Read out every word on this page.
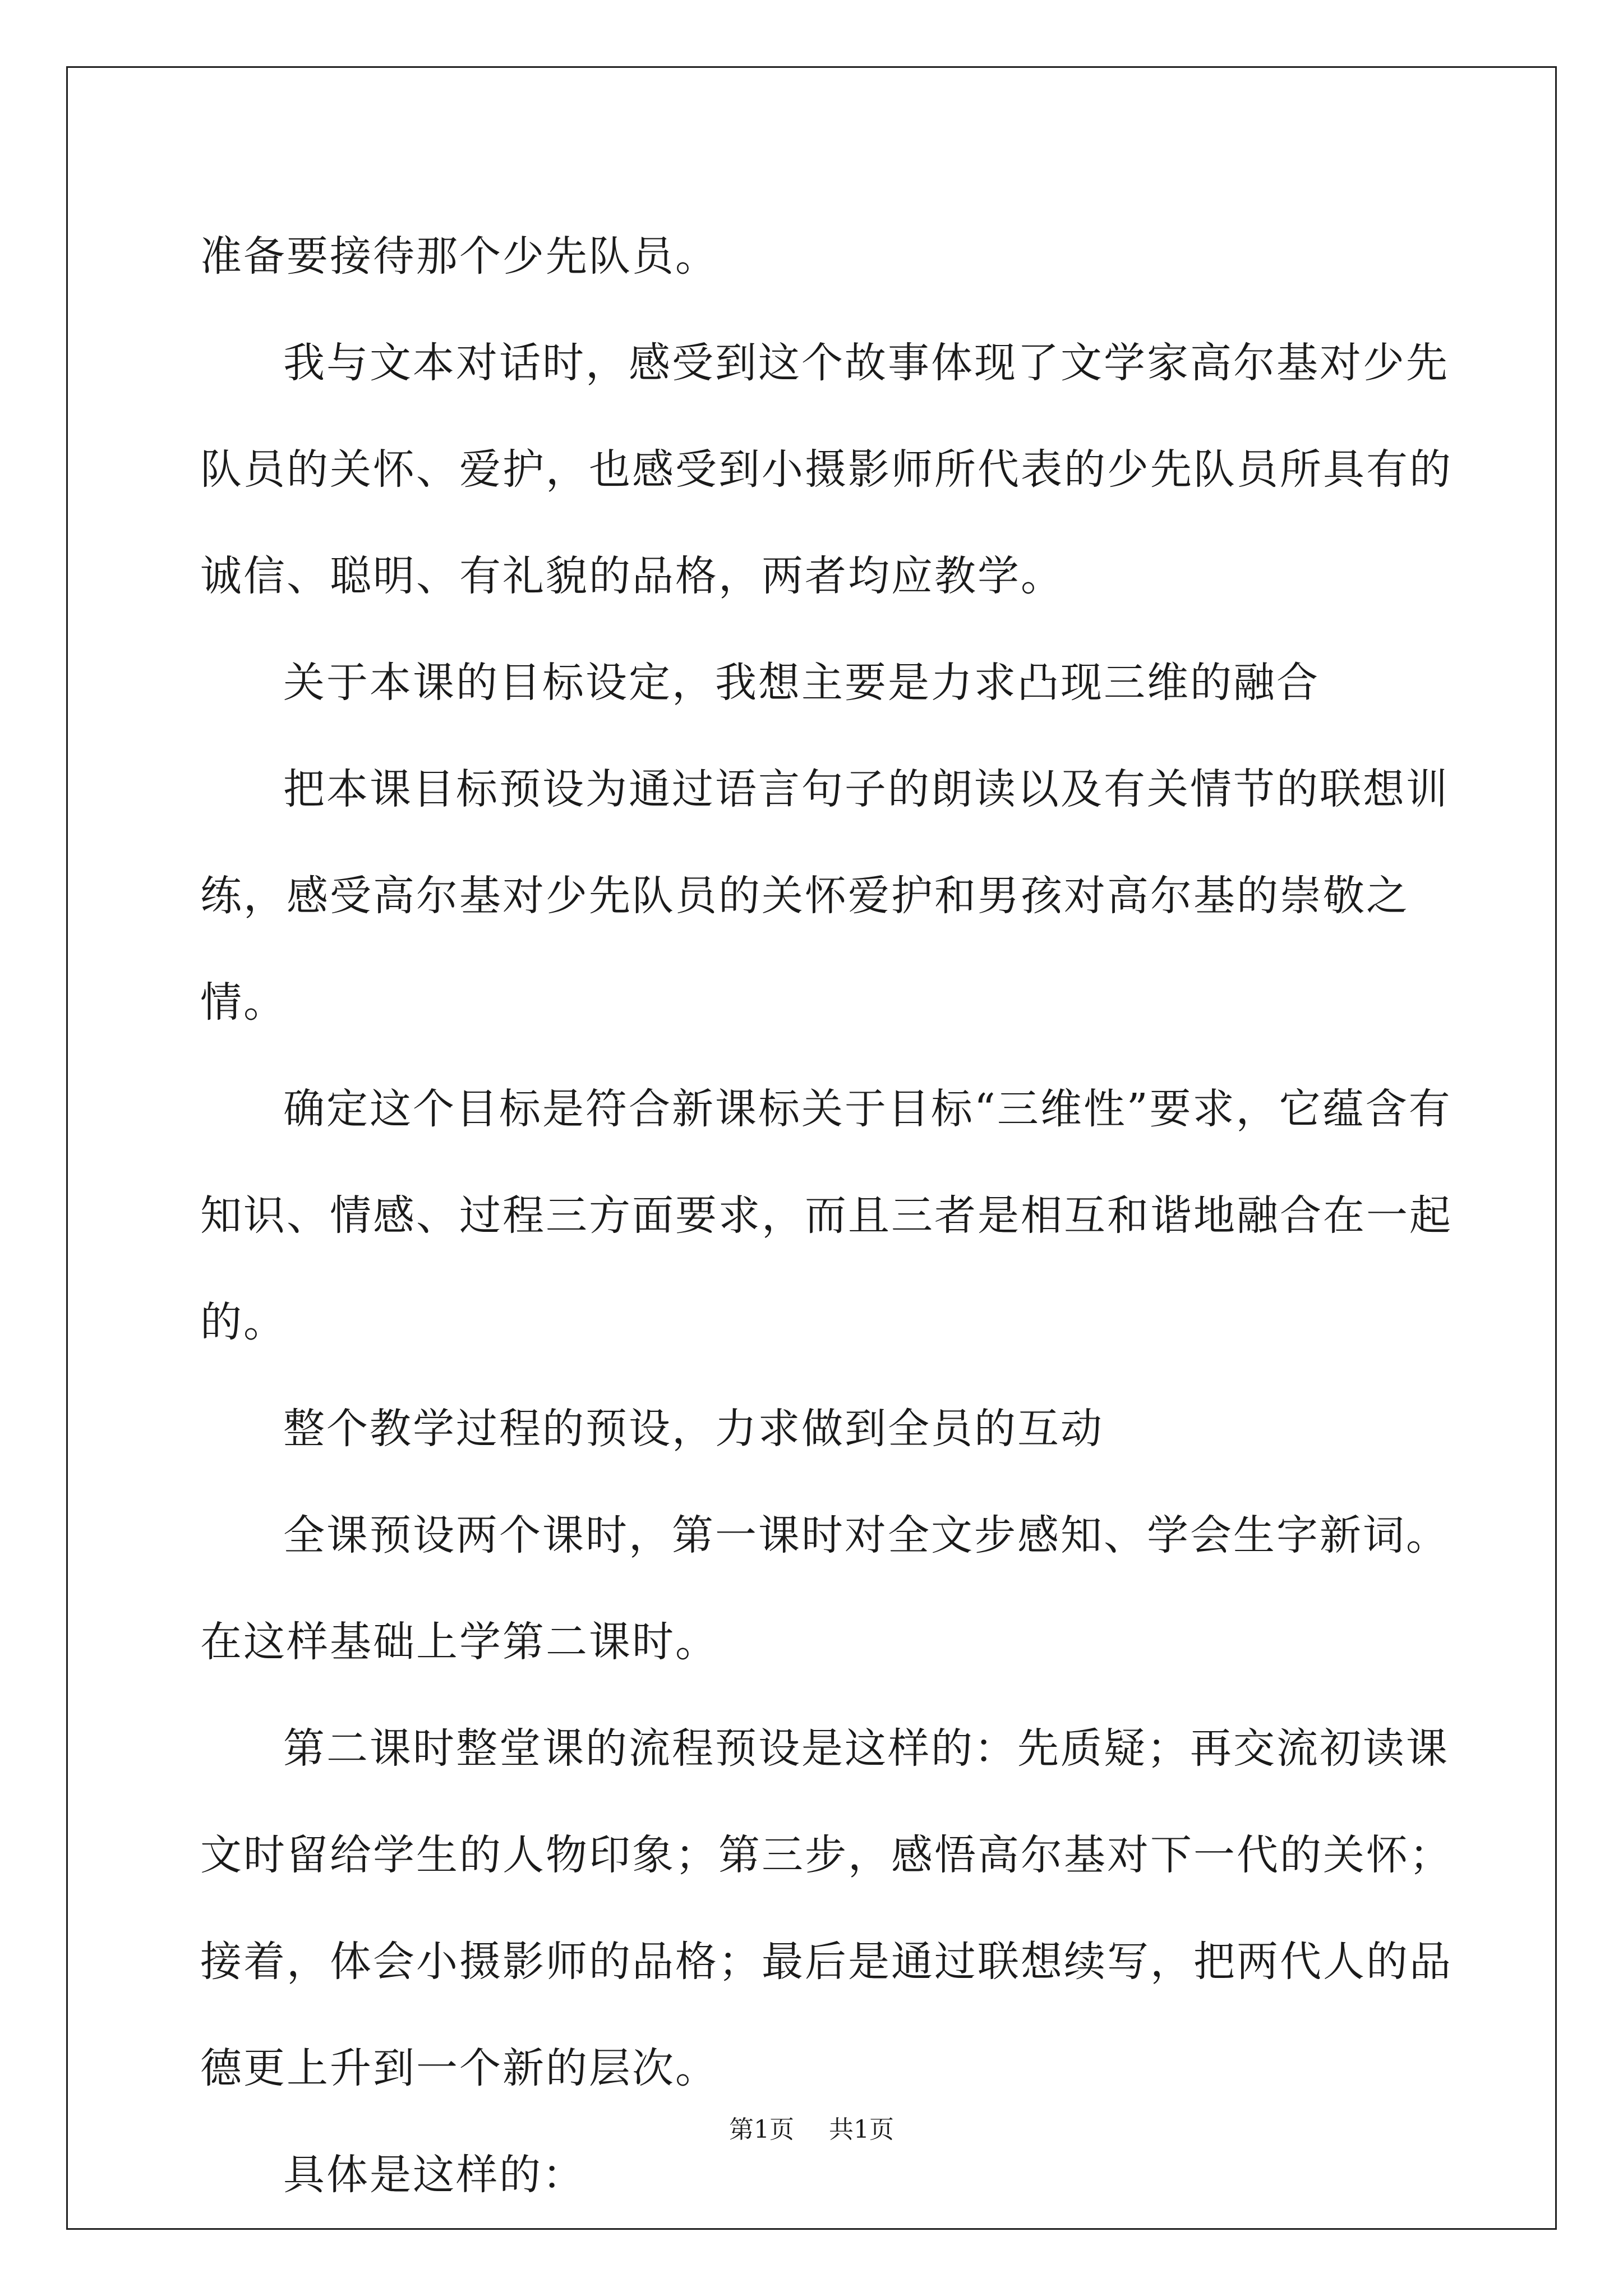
准备要接待那个少先队员。

我与文本对话时，感受到这个故事体现了文学家高尔基对少先队员的关怀、爱护，也感受到小摄影师所代表的少先队员所具有的诚信、聪明、有礼貌的品格，两者均应教学。

关于本课的目标设定，我想主要是力求凸现三维的融合

把本课目标预设为通过语言句子的朗读以及有关情节的联想训练，感受高尔基对少先队员的关怀爱护和男孩对高尔基的崇敬之情。

确定这个目标是符合新课标关于目标“三维性”要求，它蕴含有知识、情感、过程三方面要求，而且三者是相互和谐地融合在一起的。

整个教学过程的预设，力求做到全员的互动

全课预设两个课时，第一课时对全文步感知、学会生字新词。在这样基础上学第二课时。

第二课时整堂课的流程预设是这样的：先质疑；再交流初读课文时留给学生的人物印象；第三步，感悟高尔基对下一代的关怀；接着，体会小摄影师的品格；最后是通过联想续写，把两代人的品德更上升到一个新的层次。

具体是这样的：

第1页 共1页
